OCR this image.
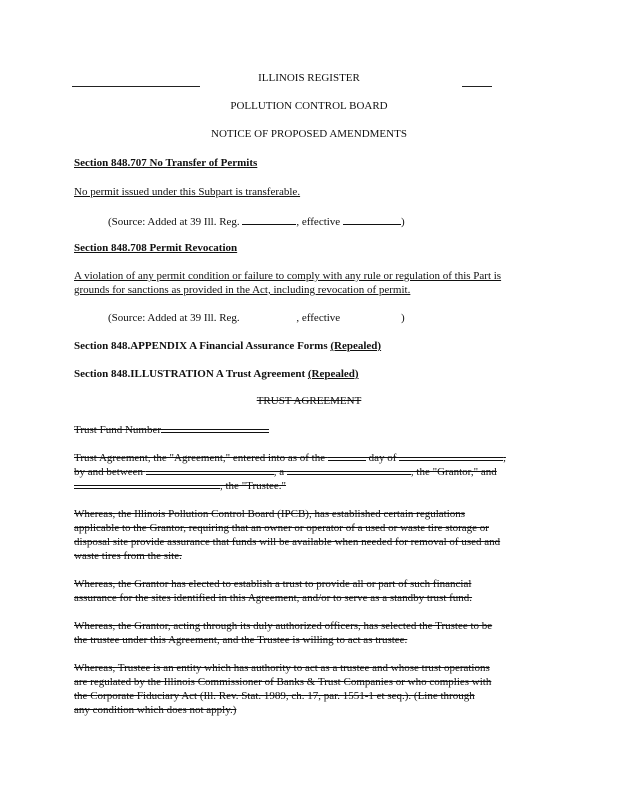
ILLINOIS REGISTER
POLLUTION CONTROL BOARD
NOTICE OF PROPOSED AMENDMENTS
Section 848.707 No Transfer of Permits
No permit issued under this Subpart is transferable.
(Source: Added at 39 Ill. Reg.	, effective	)
Section 848.708 Permit Revocation
A violation of any permit condition or failure to comply with any rule or regulation of this Part is
grounds for sanctions as provided in the Act, including revocation of permit.
(Source: Added at 39 Ill. Reg.	, effective	)
Section 848.APPENDIX A Financial Assurance Forms (Repealed)
Section 848.ILLUSTRATION A Trust Agreement (Repealed)
TRUST AGREEMENT
Trust Fund Number
Trust Agreement, the "Agreement," entered into as of the	day of	,
by and between	, a	, the "Grantor," and
, the "Trustee."
Whereas, the Illinois Pollution Control Board (IPCB), has established certain regulations
applicable to the Grantor, requiring that an owner or operator of a used or waste tire storage or
disposal site provide assurance that funds will be available when needed for removal of used and
waste tires from the site.
Whereas, the Grantor has elected to establish a trust to provide all or part of such financial
assurance for the sites identified in this Agreement, and/or to serve as a standby trust fund.
Whereas, the Grantor, acting through its duly authorized officers, has selected the Trustee to be
the trustee under this Agreement, and the Trustee is willing to act as trustee.
Whereas, Trustee is an entity which has authority to act as a trustee and whose trust operations
are regulated by the Illinois Commissioner of Banks & Trust Companies or who complies with
the Corporate Fiduciary Act (Ill. Rev. Stat. 1989, ch. 17, par. 1551-1 et seq.). (Line through
any condition which does not apply.)
